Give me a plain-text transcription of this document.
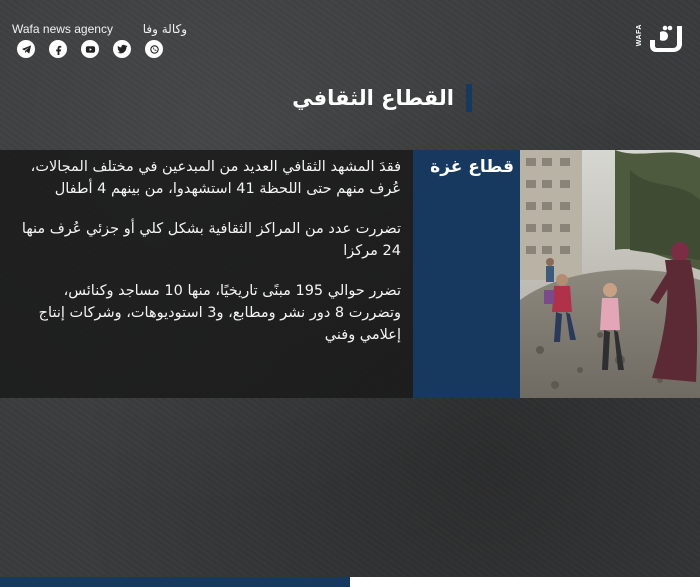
Wafa news agency وكالة وفا	WAFA
القطاع الثقافي

فقدَ المشهد الثقافي العديد من المبدعين في مختلف المجالات، عُرف منهم حتى اللحظة 41 استشهدوا، من بينهم 4 أطفال

تضررت عدد من المراكز الثقافية بشكل كلي أو جزئي عُرف منها 24 مركزا

تضرر حوالي 195 مبنًى تاريخيًا، منها 10 مساجد وكنائس، وتضررت 8 دور نشر ومطابع، و3 استوديوهات، وشركات إنتاج إعلامي وفني

قطاع غزة
